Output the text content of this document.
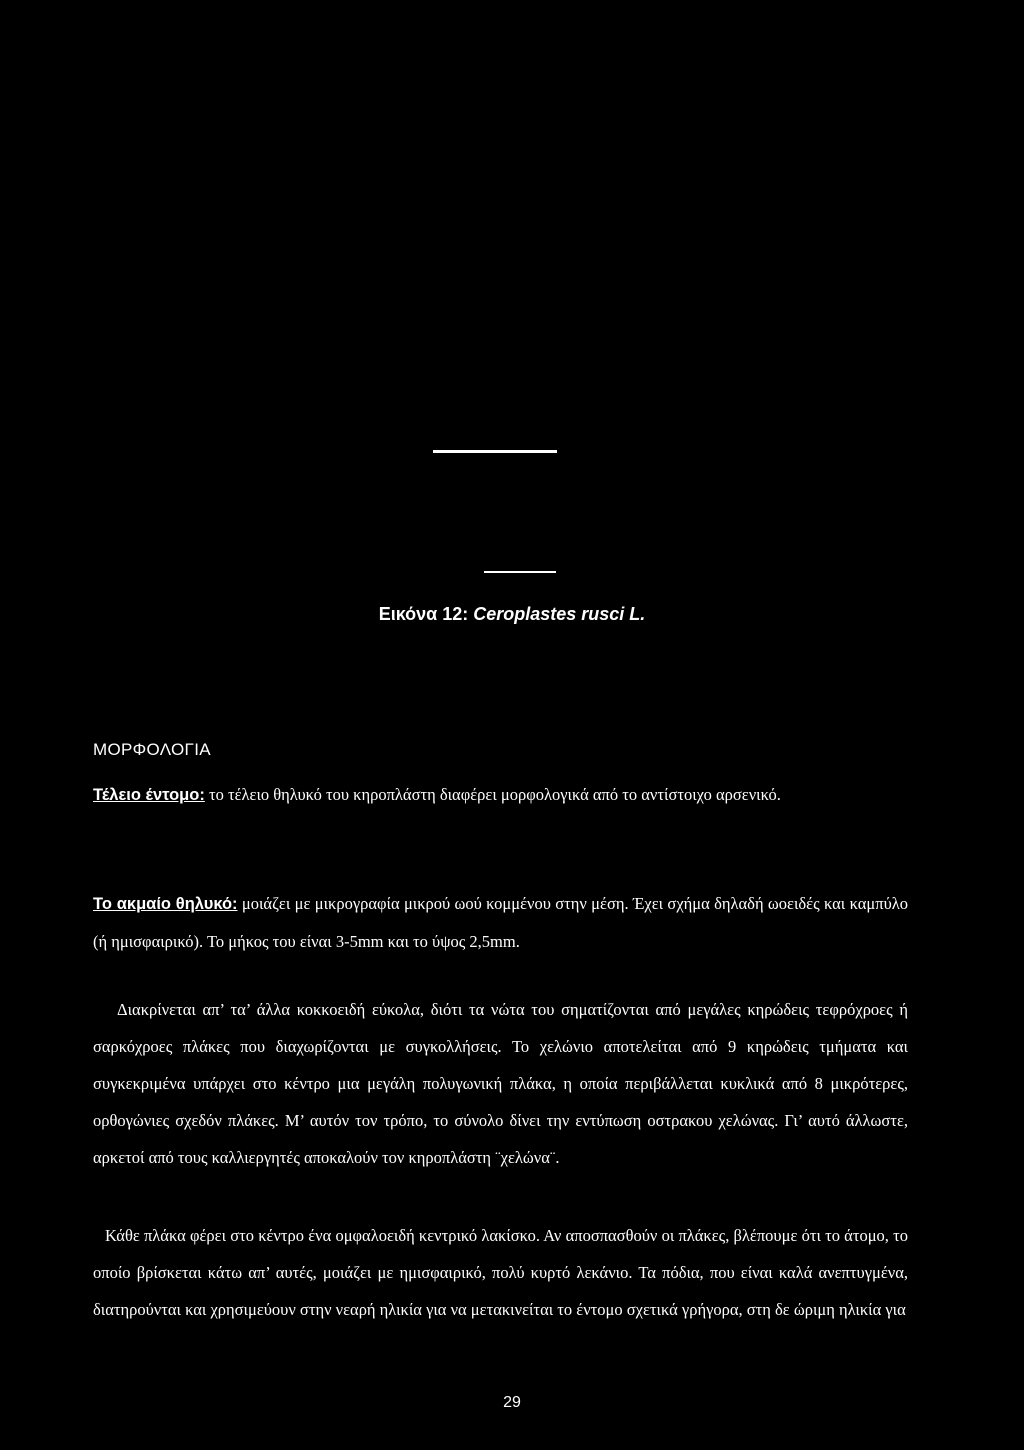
Εικόνα 12: Ceroplastes rusci L.
ΜΟΡΦΟΛΟΓΙΑ
Τέλειο έντομο: το τέλειο θηλυκό του κηροπλάστη διαφέρει μορφολογικά από το αντίστοιχο αρσενικό.
Το ακμαίο θηλυκό: μοιάζει με μικρογραφία μικρού ωού κομμένου στην μέση. Έχει σχήμα δηλαδή ωοειδές και καμπύλο (ή ημισφαιρικό). Το μήκος του είναι 3-5mm και το ύψος 2,5mm.
Διακρίνεται απ’ τα’ άλλα κοκκοειδή εύκολα, διότι τα νώτα του σηματίζονται από μεγάλες κηρώδεις τεφρόχροες ή σαρκόχροες πλάκες που διαχωρίζονται με συγκολλήσεις. Το χελώνιο αποτελείται από 9 κηρώδεις τμήματα και συγκεκριμένα υπάρχει στο κέντρο μια μεγάλη πολυγωνική πλάκα, η οποία περιβάλλεται κυκλικά από 8 μικρότερες, ορθογώνιες σχεδόν πλάκες. Μ’ αυτόν τον τρόπο, το σύνολο δίνει την εντύπωση οστρακου χελώνας. Γι’ αυτό άλλωστε, αρκετοί από τους καλλιεργητές αποκαλούν τον κηροπλάστη ¨χελώνα¨.
Κάθε πλάκα φέρει στο κέντρο ένα ομφαλοειδή κεντρικό λακίσκο. Αν αποσπασθούν οι πλάκες, βλέπουμε ότι το άτομο, το οποίο βρίσκεται κάτω απ’ αυτές, μοιάζει με ημισφαιρικό, πολύ κυρτό λεκάνιο. Τα πόδια, που είναι καλά ανεπτυγμένα, διατηρούνται και χρησιμεύουν στην νεαρή ηλικία για να μετακινείται το έντομο σχετικά γρήγορα, στη δε ώριμη ηλικία για
29
